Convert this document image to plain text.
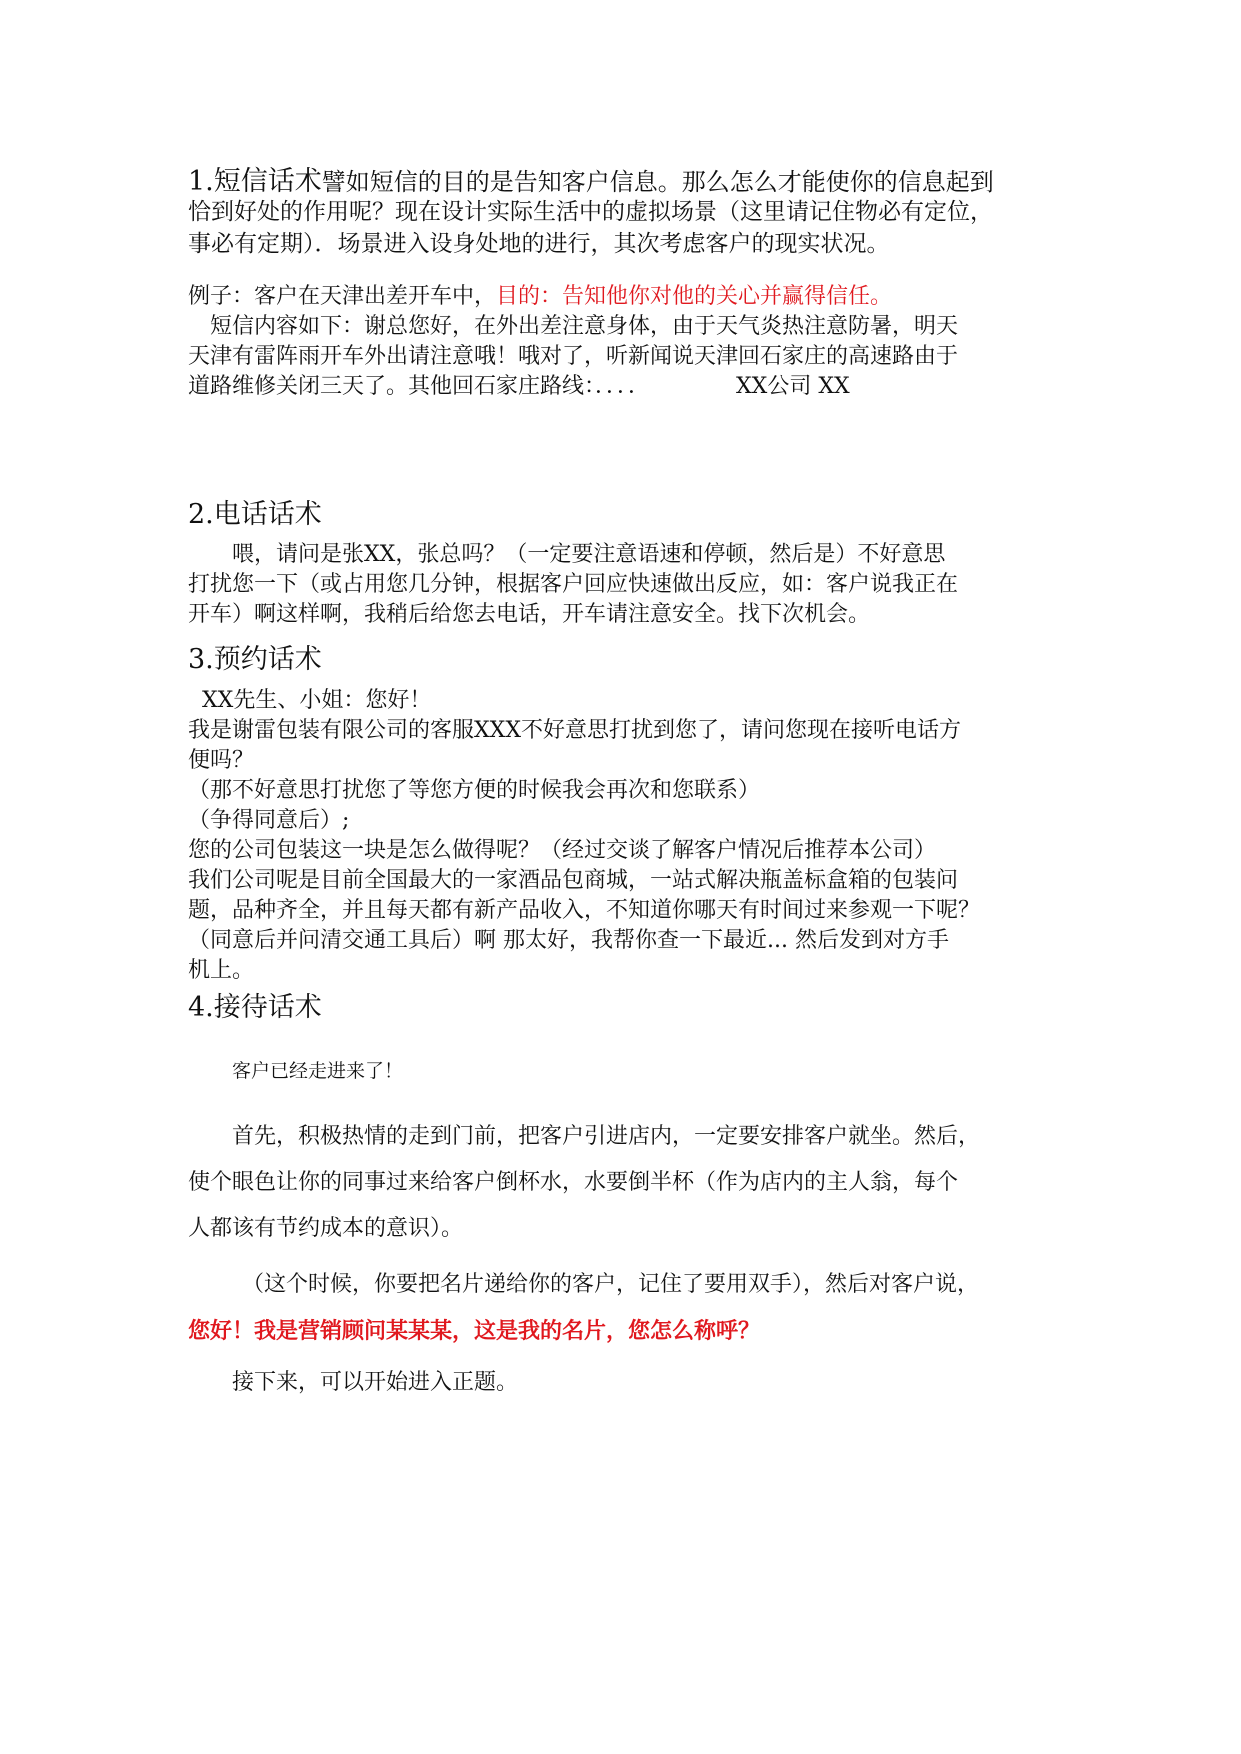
1.短信话术譬如短信的目的是告知客户信息。那么怎么才能使你的信息起到
恰到好处的作用呢？现在设计实际生活中的虚拟场景（这里请记住物必有定位，
事必有定期）．场景进入设身处地的进行，其次考虑客户的现实状况。
例子：客户在天津出差开车中，目的：告知他你对他的关心并赢得信任。
短信内容如下：谢总您好，在外出差注意身体，由于天气炎热注意防暑，明天
天津有雷阵雨开车外出请注意哦！哦对了，听新闻说天津回石家庄的高速路由于
道路维修关闭三天了。其他回石家庄路线：．．．．	XX公司 XX
2.电话话术
喂，请问是张XX，张总吗？（一定要注意语速和停顿，然后是）不好意思
打扰您一下（或占用您几分钟，根据客户回应快速做出反应，如：客户说我正在
开车）啊这样啊，我稍后给您去电话，开车请注意安全。找下次机会。
3.预约话术
XX先生、小姐：您好！
我是谢雷包装有限公司的客服XXX不好意思打扰到您了，请问您现在接听电话方
便吗？
（那不好意思打扰您了等您方便的时候我会再次和您联系）
（争得同意后）;
您的公司包装这一块是怎么做得呢？（经过交谈了解客户情况后推荐本公司）
我们公司呢是目前全国最大的一家酒品包商城，一站式解决瓶盖标盒箱的包装问
题，品种齐全，并且每天都有新产品收入，不知道你哪天有时间过来参观一下呢？
（同意后并问清交通工具后）啊 那太好，我帮你查一下最近... 然后发到对方手
机上。
4.接待话术
客户已经走进来了！
首先，积极热情的走到门前，把客户引进店内，一定要安排客户就坐。然后，
使个眼色让你的同事过来给客户倒杯水，水要倒半杯（作为店内的主人翁，每个
人都该有节约成本的意识）。
（这个时候，你要把名片递给你的客户，记住了要用双手），然后对客户说，
您好！我是营销顾问某某某，这是我的名片，您怎么称呼？
接下来，可以开始进入正题。
